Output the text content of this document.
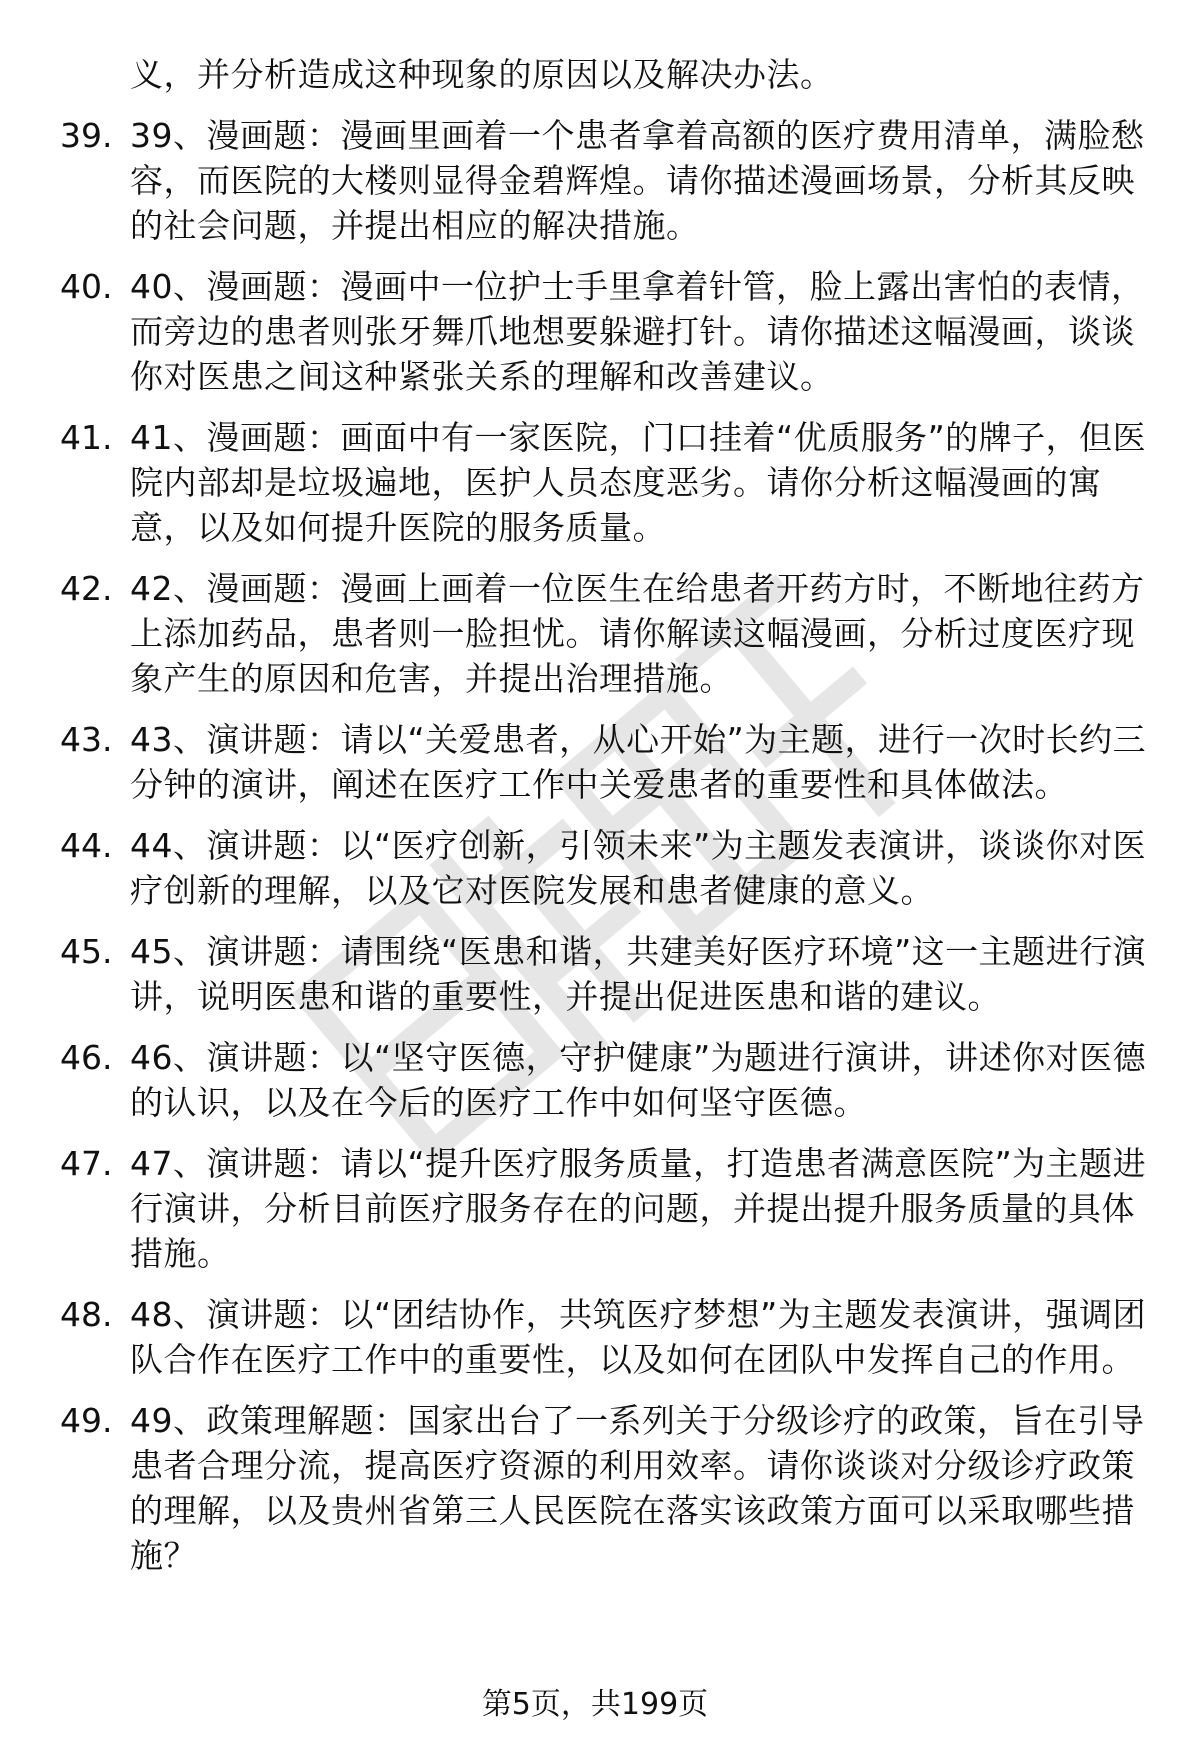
义，并分析造成这种现象的原因以及解决办法。
39. 39、漫画题：漫画里画着一个患者拿着高额的医疗费用清单，满脸愁容，而医院的大楼则显得金碧辉煌。请你描述漫画场景，分析其反映的社会问题，并提出相应的解决措施。
40. 40、漫画题：漫画中一位护士手里拿着针管，脸上露出害怕的表情，而旁边的患者则张牙舞爪地想要躲避打针。请你描述这幅漫画，谈谈你对医患之间这种紧张关系的理解和改善建议。
41. 41、漫画题：画面中有一家医院，门口挂着“优质服务”的牌子，但医院内部却是垃圾遍地，医护人员态度恶劣。请你分析这幅漫画的寓意，以及如何提升医院的服务质量。
42. 42、漫画题：漫画上画着一位医生在给患者开药方时，不断地往药方上添加药品，患者则一脸担忧。请你解读这幅漫画，分析过度医疗现象产生的原因和危害，并提出治理措施。
43. 43、演讲题：请以“关爱患者，从心开始”为主题，进行一次时长约三分钟的演讲，阐述在医疗工作中关爱患者的重要性和具体做法。
44. 44、演讲题：以“医疗创新，引领未来”为主题发表演讲，谈谈你对医疗创新的理解，以及它对医院发展和患者健康的意义。
45. 45、演讲题：请围绕“医患和谐，共建美好医疗环境”这一主题进行演讲，说明医患和谐的重要性，并提出促进医患和谐的建议。
46. 46、演讲题：以“坚守医德，守护健康”为题进行演讲，讲述你对医德的认识，以及在今后的医疗工作中如何坚守医德。
47. 47、演讲题：请以“提升医疗服务质量，打造患者满意医院”为主题进行演讲，分析目前医疗服务存在的问题，并提出提升服务质量的具体措施。
48. 48、演讲题：以“团结协作，共筑医疗梦想”为主题发表演讲，强调团队合作在医疗工作中的重要性，以及如何在团队中发挥自己的作用。
49. 49、政策理解题：国家出台了一系列关于分级诊疗的政策，旨在引导患者合理分流，提高医疗资源的利用效率。请你谈谈对分级诊疗政策的理解，以及贵州省第三人民医院在落实该政策方面可以采取哪些措施？
第5页，共199页
